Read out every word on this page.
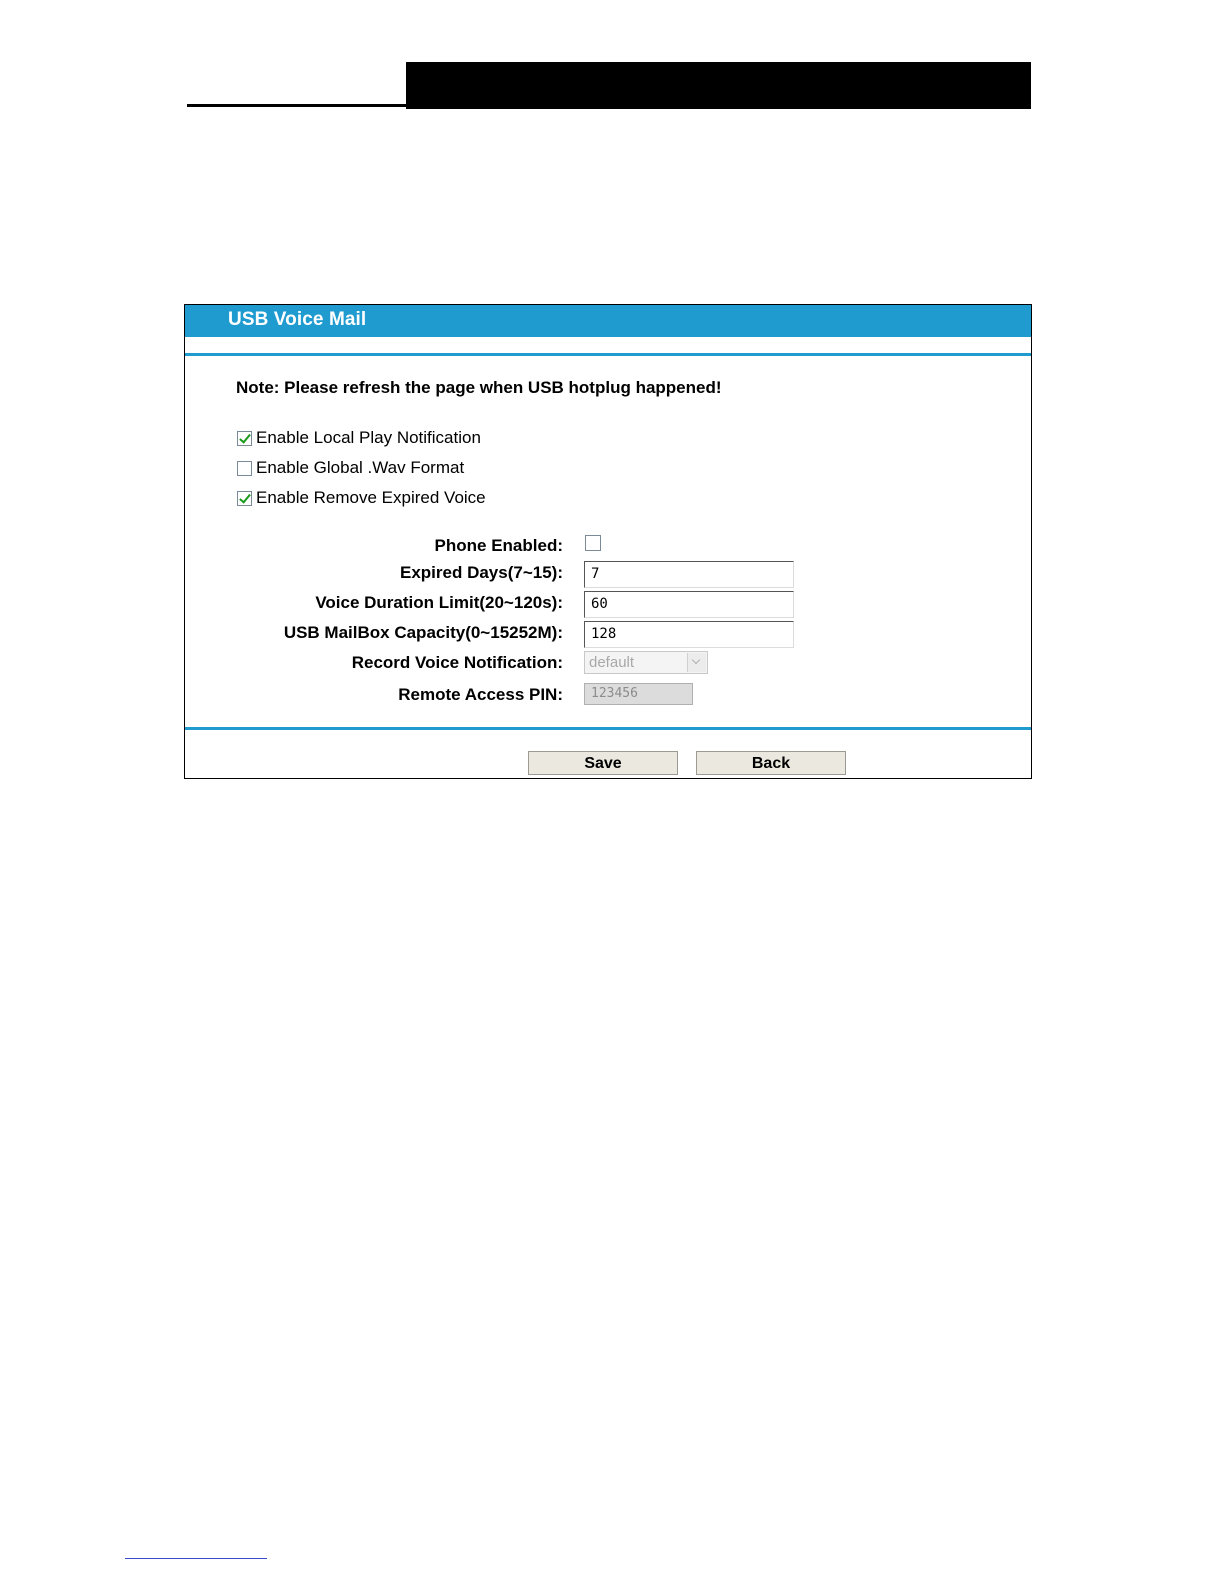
USB Voice Mail
Note: Please refresh the page when USB hotplug happened!
Enable Local Play Notification
Enable Global .Wav Format
Enable Remove Expired Voice
Phone Enabled:
Expired Days(7~15):	7
Voice Duration Limit(20~120s):	60
USB MailBox Capacity(0~15252M):	128
Record Voice Notification:	default
Remote Access PIN:	123456
Save	Back
